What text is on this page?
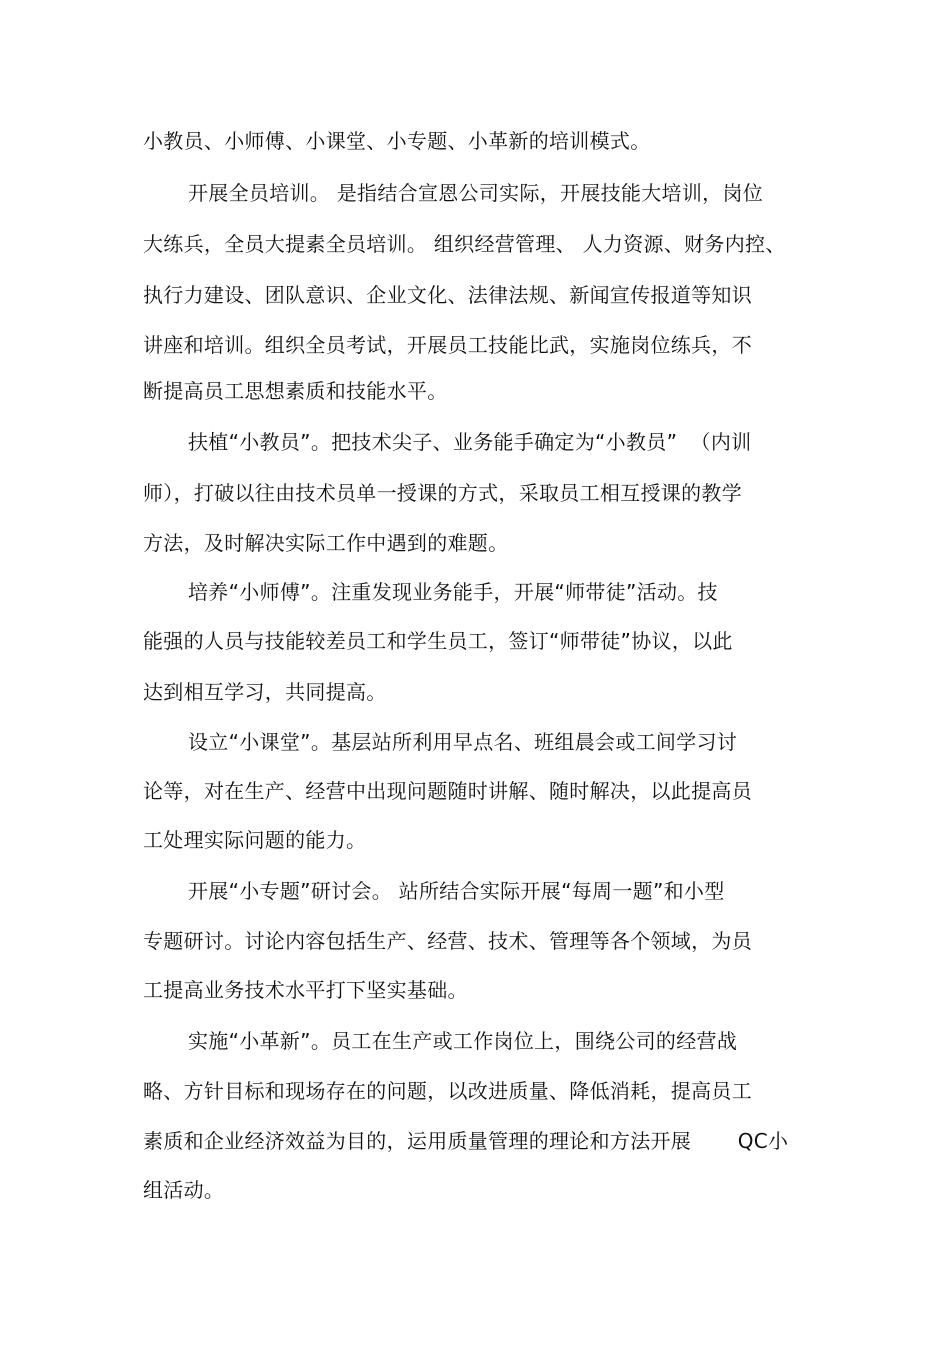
小教员、小师傅、小课堂、小专题、小革新的培训模式。
开展全员培训。 是指结合宣恩公司实际，开展技能大培训，岗位
大练兵，全员大提素全员培训。 组织经营管理、 人力资源、财务内控、
执行力建设、团队意识、企业文化、法律法规、新闻宣传报道等知识
讲座和培训。组织全员考试，开展员工技能比武，实施岗位练兵，不
断提高员工思想素质和技能水平。
扶植“小教员”。把技术尖子、业务能手确定为“小教员”  （内训
师），打破以往由技术员单一授课的方式，采取员工相互授课的教学
方法，及时解决实际工作中遇到的难题。
培养“小师傅”。注重发现业务能手，开展“师带徒”活动。技
能强的人员与技能较差员工和学生员工，签订“师带徒”协议，以此
达到相互学习，共同提高。
设立“小课堂”。基层站所利用早点名、班组晨会或工间学习讨
论等，对在生产、经营中出现问题随时讲解、随时解决，以此提高员
工处理实际问题的能力。
开展“小专题”研讨会。 站所结合实际开展“每周一题”和小型
专题研讨。讨论内容包括生产、经营、技术、管理等各个领域，为员
工提高业务技术水平打下坚实基础。
实施“小革新”。员工在生产或工作岗位上，围绕公司的经营战
略、方针目标和现场存在的问题，以改进质量、降低消耗，提高员工
素质和企业经济效益为目的，运用质量管理的理论和方法开展       QC小
组活动。
